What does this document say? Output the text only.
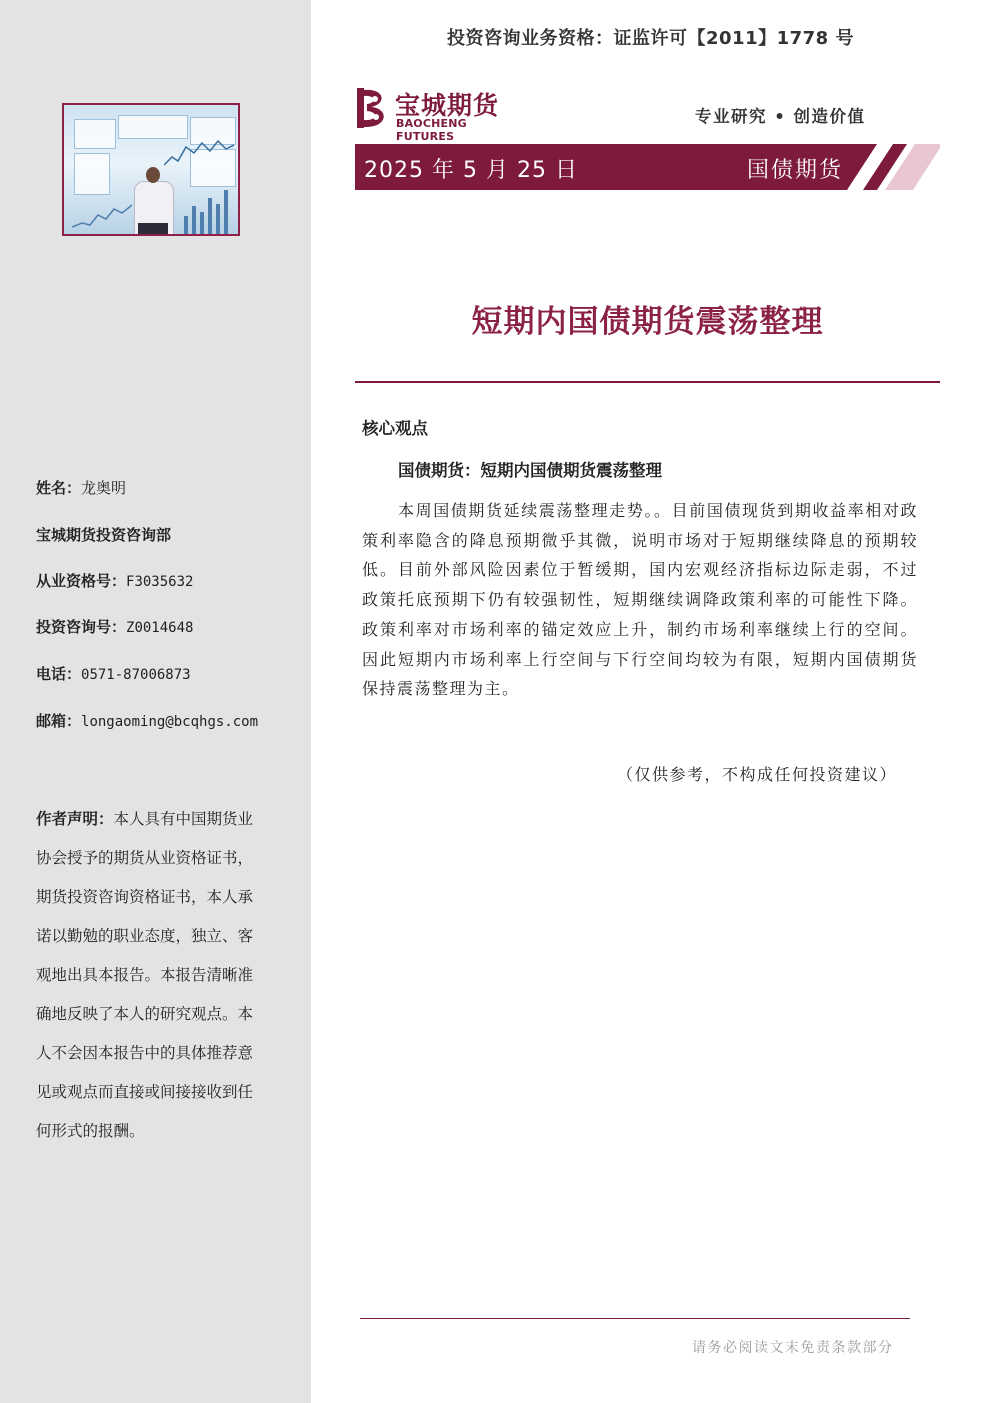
姓名：龙奥明
宝城期货投资咨询部
从业资格号：F3035632
投资咨询号：Z0014648
电话：0571-87006873
邮箱：longaoming@bcqhgs.com
作者声明：本人具有中国期货业协会授予的期货从业资格证书，期货投资咨询资格证书，本人承诺以勤勉的职业态度，独立、客观地出具本报告。本报告清晰准确地反映了本人的研究观点。本人不会因本报告中的具体推荐意见或观点而直接或间接接收到任何形式的报酬。
投资咨询业务资格：证监许可【2011】1778 号
宝城期货
BAOCHENG FUTURES
专业研究 • 创造价值
2025 年 5 月 25 日	国债期货
短期内国债期货震荡整理
核心观点
国债期货：短期内国债期货震荡整理
本周国债期货延续震荡整理走势。。目前国债现货到期收益率相对政策利率隐含的降息预期微乎其微，说明市场对于短期继续降息的预期较低。目前外部风险因素位于暂缓期，国内宏观经济指标边际走弱，不过政策托底预期下仍有较强韧性，短期继续调降政策利率的可能性下降。政策利率对市场利率的锚定效应上升，制约市场利率继续上行的空间。因此短期内市场利率上行空间与下行空间均较为有限，短期内国债期货保持震荡整理为主。
（仅供参考，不构成任何投资建议）
请务必阅读文末免责条款部分
